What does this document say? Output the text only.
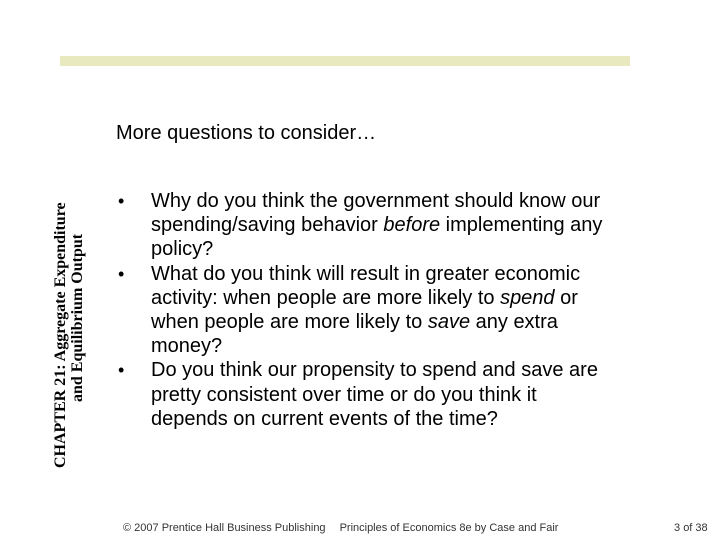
CHAPTER 21: Aggregate Expenditure and Equilibrium Output
More questions to consider…
• Why do you think the government should know our spending/saving behavior before implementing any policy?
• What do you think will result in greater economic activity: when people are more likely to spend or when people are more likely to save any extra money?
• Do you think our propensity to spend and save are pretty consistent over time or do you think it depends on current events of the time?
© 2007 Prentice Hall Business Publishing Principles of Economics 8e by Case and Fair	3 of 38
